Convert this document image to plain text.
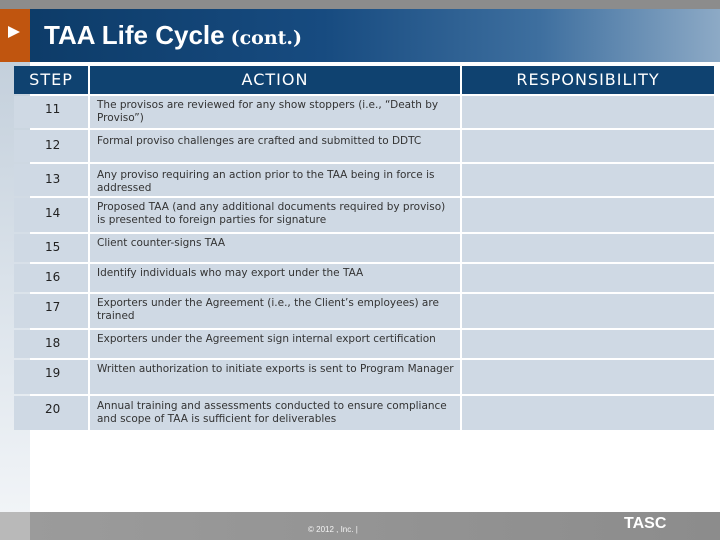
TAA Life Cycle (cont.)
STEP	ACTION	RESPONSIBILITY
11	The provisos are reviewed for any show stoppers (i.e., “Death by Proviso”)
12	Formal proviso challenges are crafted and submitted to DDTC
13	Any proviso requiring an action prior to the TAA being in force is addressed
14	Proposed TAA (and any additional documents required by proviso) is presented to foreign parties for signature
15	Client counter-signs TAA
16	Identify individuals who may export under the TAA
17	Exporters under the Agreement (i.e., the Client’s employees) are trained
18	Exporters under the Agreement sign internal export certification
19	Written authorization to initiate exports is sent to Program Manager
20	Annual training and assessments conducted to ensure compliance and scope of TAA is sufficient for deliverables
© 2012 , Inc. |	TASC
